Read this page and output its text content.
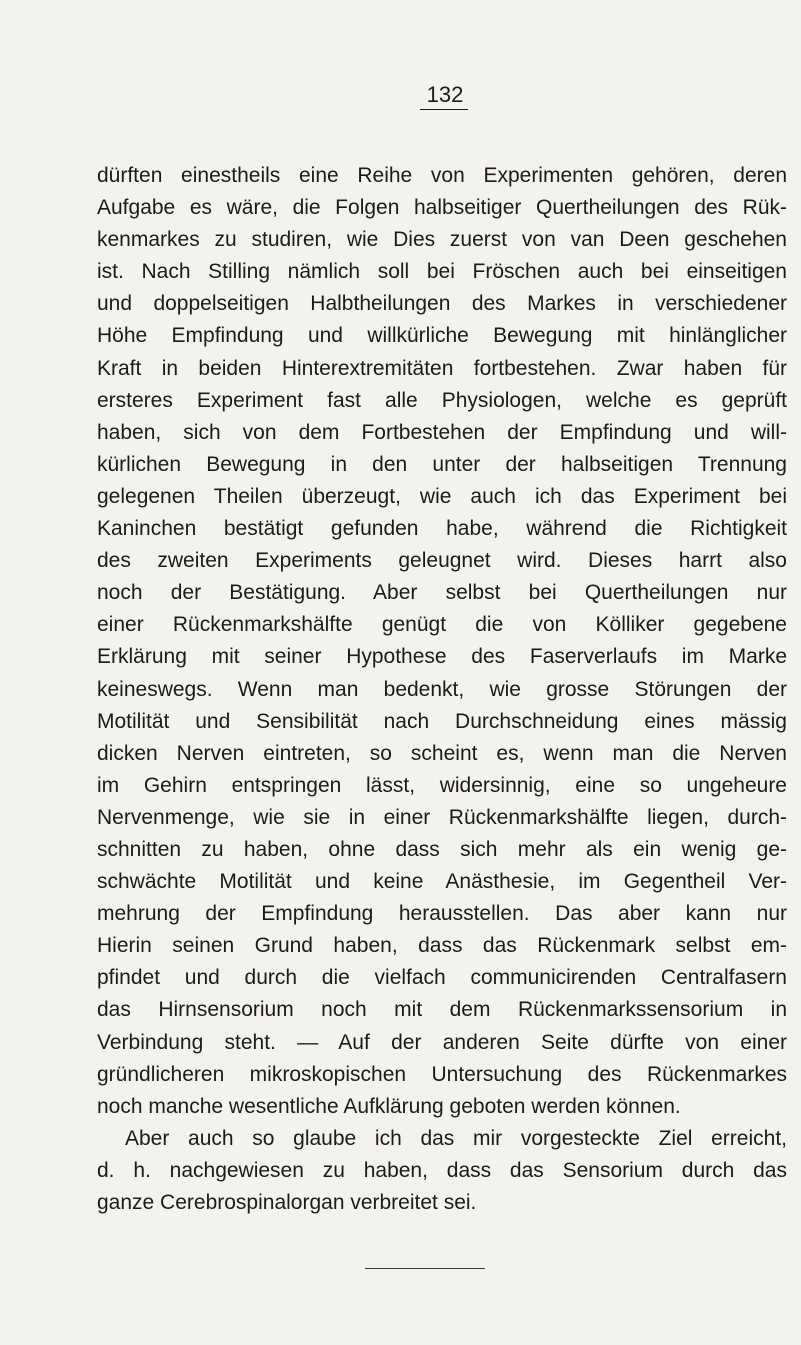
132
dürften einestheils eine Reihe von Experimenten gehören, deren
Aufgabe es wäre, die Folgen halbseitiger Quertheilungen des Rük-
kenmarkes zu studiren, wie Dies zuerst von van Deen geschehen
ist. Nach Stilling nämlich soll bei Fröschen auch bei einseitigen
und doppelseitigen Halbtheilungen des Markes in verschiedener
Höhe Empfindung und willkürliche Bewegung mit hinlänglicher
Kraft in beiden Hinterextremitäten fortbestehen. Zwar haben für
ersteres Experiment fast alle Physiologen, welche es geprüft
haben, sich von dem Fortbestehen der Empfindung und will-
kürlichen Bewegung in den unter der halbseitigen Trennung
gelegenen Theilen überzeugt, wie auch ich das Experiment bei
Kaninchen bestätigt gefunden habe, während die Richtigkeit
des zweiten Experiments geleugnet wird. Dieses harrt also
noch der Bestätigung. Aber selbst bei Quertheilungen nur
einer Rückenmarkshälfte genügt die von Kölliker gegebene
Erklärung mit seiner Hypothese des Faserverlaufs im Marke
keineswegs. Wenn man bedenkt, wie grosse Störungen der
Motilität und Sensibilität nach Durchschneidung eines mässig
dicken Nerven eintreten, so scheint es, wenn man die Nerven
im Gehirn entspringen lässt, widersinnig, eine so ungeheure
Nervenmenge, wie sie in einer Rückenmarkshälfte liegen, durch-
schnitten zu haben, ohne dass sich mehr als ein wenig ge-
schwächte Motilität und keine Anästhesie, im Gegentheil Ver-
mehrung der Empfindung herausstellen. Das aber kann nur
Hierin seinen Grund haben, dass das Rückenmark selbst em-
pfindet und durch die vielfach communicirenden Centralfasern
das Hirnsensorium noch mit dem Rückenmarkssensorium in
Verbindung steht. — Auf der anderen Seite dürfte von einer
gründlicheren mikroskopischen Untersuchung des Rückenmarkes
noch manche wesentliche Aufklärung geboten werden können.
Aber auch so glaube ich das mir vorgesteckte Ziel erreicht,
d. h. nachgewiesen zu haben, dass das Sensorium durch das
ganze Cerebrospinalorgan verbreitet sei.
